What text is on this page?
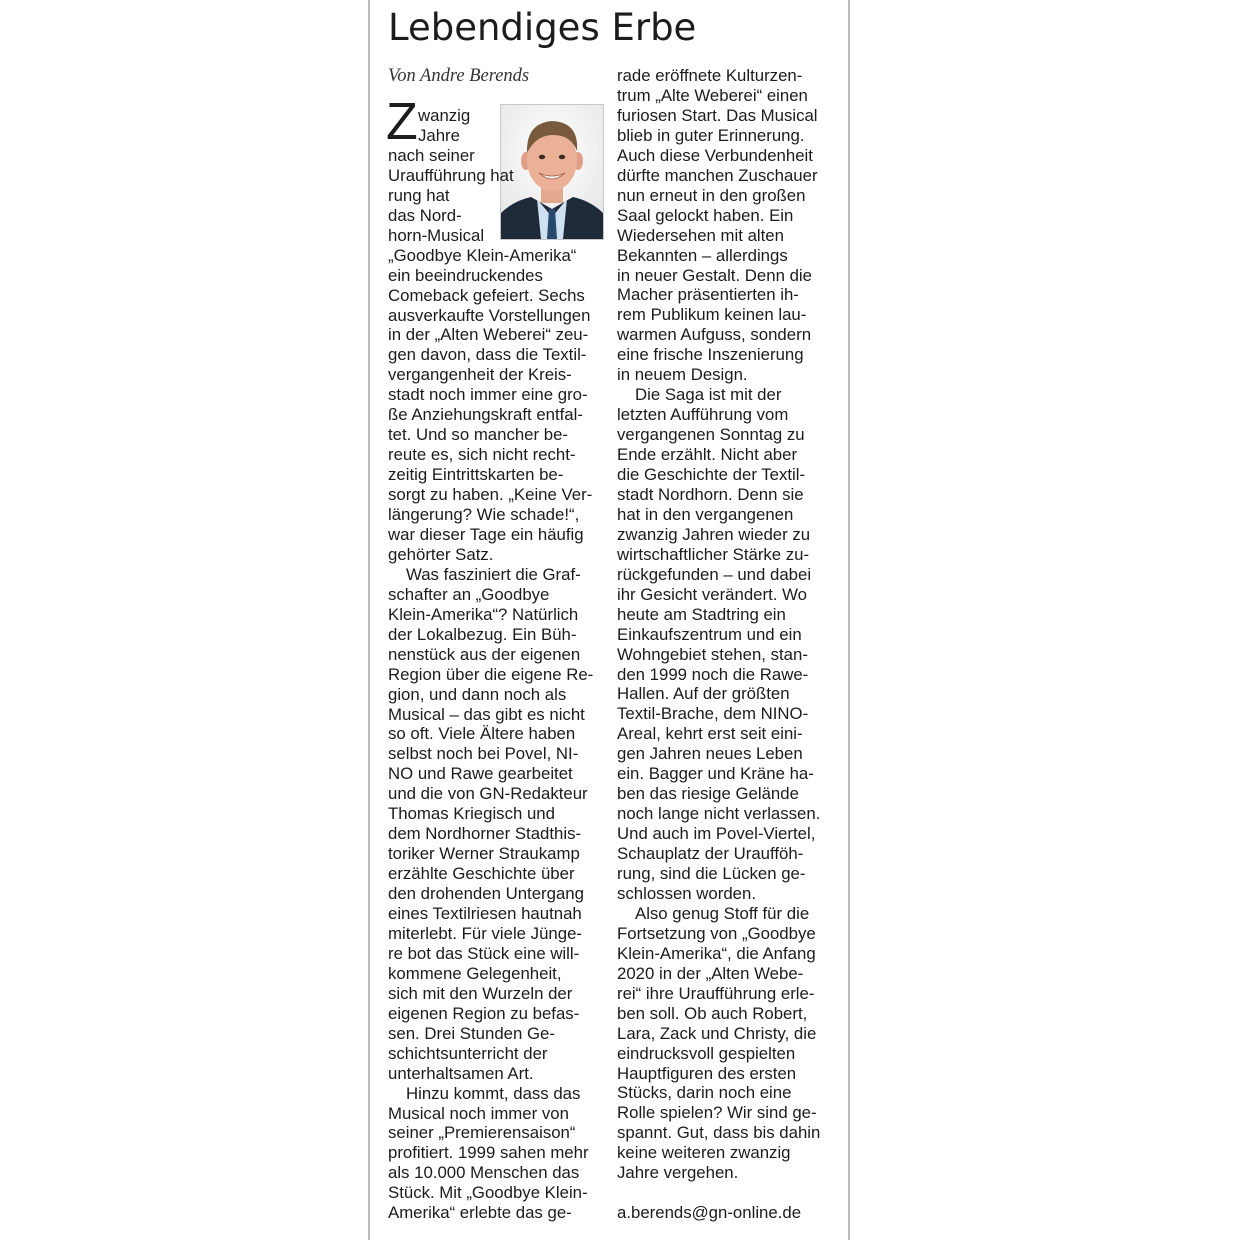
Lebendiges Erbe
Von Andre Berends
Z wanzig
Jahre
nach seiner
Uraufführung hat
rung hat
das Nord-
horn-Musical
„Goodbye Klein-Amerika“
ein beeindruckendes
Comeback gefeiert. Sechs
ausverkaufte Vorstellungen
in der „Alten Weberei“ zeu-
gen davon, dass die Textil-
vergangenheit der Kreis-
stadt noch immer eine gro-
ße Anziehungskraft entfal-
tet. Und so mancher be-
reute es, sich nicht recht-
zeitig Eintrittskarten be-
sorgt zu haben. „Keine Ver-
längerung? Wie schade!“,
war dieser Tage ein häufig
gehörter Satz.
Was fasziniert die Graf-
schafter an „Goodbye
Klein-Amerika“? Natürlich
der Lokalbezug. Ein Büh-
nenstück aus der eigenen
Region über die eigene Re-
gion, und dann noch als
Musical – das gibt es nicht
so oft. Viele Ältere haben
selbst noch bei Povel, NI-
NO und Rawe gearbeitet
und die von GN-Redakteur
Thomas Kriegisch und
dem Nordhorner Stadthis-
toriker Werner Straukamp
erzählte Geschichte über
den drohenden Untergang
eines Textilriesen hautnah
miterlebt. Für viele Jünge-
re bot das Stück eine will-
kommene Gelegenheit,
sich mit den Wurzeln der
eigenen Region zu befas-
sen. Drei Stunden Ge-
schichtsunterricht der
unterhaltsamen Art.
Hinzu kommt, dass das
Musical noch immer von
seiner „Premierensaison“
profitiert. 1999 sahen mehr
als 10.000 Menschen das
Stück. Mit „Goodbye Klein-
Amerika“ erlebte das ge-
rade eröffnete Kulturzen-
trum „Alte Weberei“ einen
furiosen Start. Das Musical
blieb in guter Erinnerung.
Auch diese Verbundenheit
dürfte manchen Zuschauer
nun erneut in den großen
Saal gelockt haben. Ein
Wiedersehen mit alten
Bekannten – allerdings
in neuer Gestalt. Denn die
Macher präsentierten ih-
rem Publikum keinen lau-
warmen Aufguss, sondern
eine frische Inszenierung
in neuem Design.
Die Saga ist mit der
letzten Aufführung vom
vergangenen Sonntag zu
Ende erzählt. Nicht aber
die Geschichte der Textil-
stadt Nordhorn. Denn sie
hat in den vergangenen
zwanzig Jahren wieder zu
wirtschaftlicher Stärke zu-
rückgefunden – und dabei
ihr Gesicht verändert. Wo
heute am Stadtring ein
Einkaufszentrum und ein
Wohngebiet stehen, stan-
den 1999 noch die Rawe-
Hallen. Auf der größten
Textil-Brache, dem NINO-
Areal, kehrt erst seit eini-
gen Jahren neues Leben
ein. Bagger und Kräne ha-
ben das riesige Gelände
noch lange nicht verlassen.
Und auch im Povel-Viertel,
Schauplatz der Uraufföh-
rung, sind die Lücken ge-
schlossen worden.
Also genug Stoff für die
Fortsetzung von „Goodbye
Klein-Amerika“, die Anfang
2020 in der „Alten Webe-
rei“ ihre Uraufführung erle-
ben soll. Ob auch Robert,
Lara, Zack und Christy, die
eindrucksvoll gespielten
Hauptfiguren des ersten
Stücks, darin noch eine
Rolle spielen? Wir sind ge-
spannt. Gut, dass bis dahin
keine weiteren zwanzig
Jahre vergehen.
a.berends@gn-online.de
